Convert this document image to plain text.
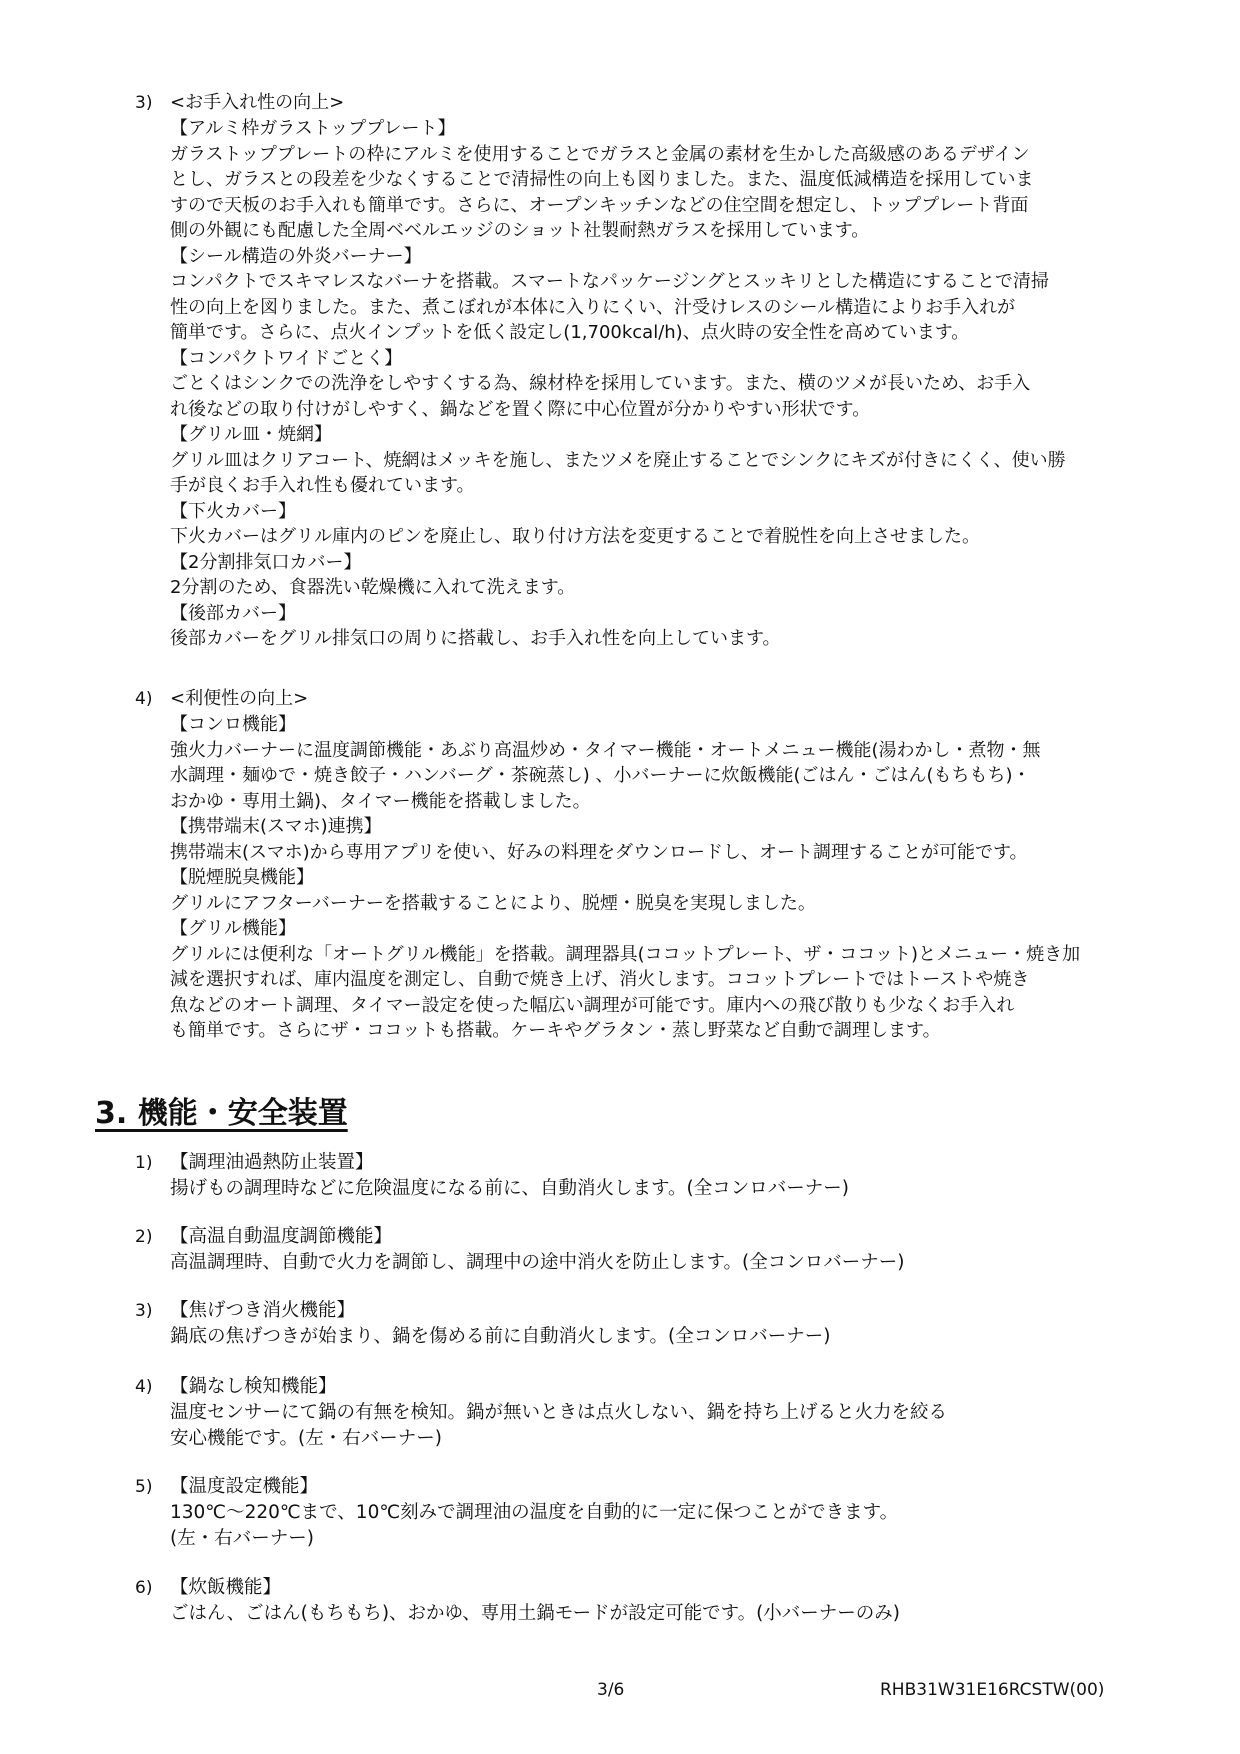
3) <お手入れ性の向上>
【アルミ枠ガラストッププレート】
ガラストッププレートの枠にアルミを使用することでガラスと金属の素材を生かした高級感のあるデザイン
とし、ガラスとの段差を少なくすることで清掃性の向上も図りました。また、温度低減構造を採用していま
すので天板のお手入れも簡単です。さらに、オープンキッチンなどの住空間を想定し、トッププレート背面
側の外観にも配慮した全周ベベルエッジのショット社製耐熱ガラスを採用しています。
【シール構造の外炎バーナー】
コンパクトでスキマレスなバーナを搭載。スマートなパッケージングとスッキリとした構造にすることで清掃
性の向上を図りました。また、煮こぼれが本体に入りにくい、汁受けレスのシール構造によりお手入れが
簡単です。さらに、点火インプットを低く設定し(1,700kcal/h)、点火時の安全性を高めています。
【コンパクトワイドごとく】
ごとくはシンクでの洗浄をしやすくする為、線材枠を採用しています。また、横のツメが長いため、お手入
れ後などの取り付けがしやすく、鍋などを置く際に中心位置が分かりやすい形状です。
【グリル皿・焼網】
グリル皿はクリアコート、焼網はメッキを施し、またツメを廃止することでシンクにキズが付きにくく、使い勝
手が良くお手入れ性も優れています。
【下火カバー】
下火カバーはグリル庫内のピンを廃止し、取り付け方法を変更することで着脱性を向上させました。
【2分割排気口カバー】
2分割のため、食器洗い乾燥機に入れて洗えます。
【後部カバー】
後部カバーをグリル排気口の周りに搭載し、お手入れ性を向上しています。
4) <利便性の向上>
【コンロ機能】
強火力バーナーに温度調節機能・あぶり高温炒め・タイマー機能・オートメニュー機能(湯わかし・煮物・無
水調理・麺ゆで・焼き餃子・ハンバーグ・茶碗蒸し) 、小バーナーに炊飯機能(ごはん・ごはん(もちもち)・
おかゆ・専用土鍋)、タイマー機能を搭載しました。
【携帯端末(スマホ)連携】
携帯端末(スマホ)から専用アプリを使い、好みの料理をダウンロードし、オート調理することが可能です。
【脱煙脱臭機能】
グリルにアフターバーナーを搭載することにより、脱煙・脱臭を実現しました。
【グリル機能】
グリルには便利な「オートグリル機能」を搭載。調理器具(ココットプレート、ザ・ココット)とメニュー・焼き加
減を選択すれば、庫内温度を測定し、自動で焼き上げ、消火します。ココットプレートではトーストや焼き
魚などのオート調理、タイマー設定を使った幅広い調理が可能です。庫内への飛び散りも少なくお手入れ
も簡単です。さらにザ・ココットも搭載。ケーキやグラタン・蒸し野菜など自動で調理します。
3. 機能・安全装置
1) 【調理油過熱防止装置】
揚げもの調理時などに危険温度になる前に、自動消火します。(全コンロバーナー)
2) 【高温自動温度調節機能】
高温調理時、自動で火力を調節し、調理中の途中消火を防止します。(全コンロバーナー)
3) 【焦げつき消火機能】
鍋底の焦げつきが始まり、鍋を傷める前に自動消火します。(全コンロバーナー)
4) 【鍋なし検知機能】
温度センサーにて鍋の有無を検知。鍋が無いときは点火しない、鍋を持ち上げると火力を絞る
安心機能です。(左・右バーナー)
5) 【温度設定機能】
130℃～220℃まで、10℃刻みで調理油の温度を自動的に一定に保つことができます。
(左・右バーナー)
6) 【炊飯機能】
ごはん、ごはん(もちもち)、おかゆ、専用土鍋モードが設定可能です。(小バーナーのみ)
3/6	RHB31W31E16RCSTW(00)
